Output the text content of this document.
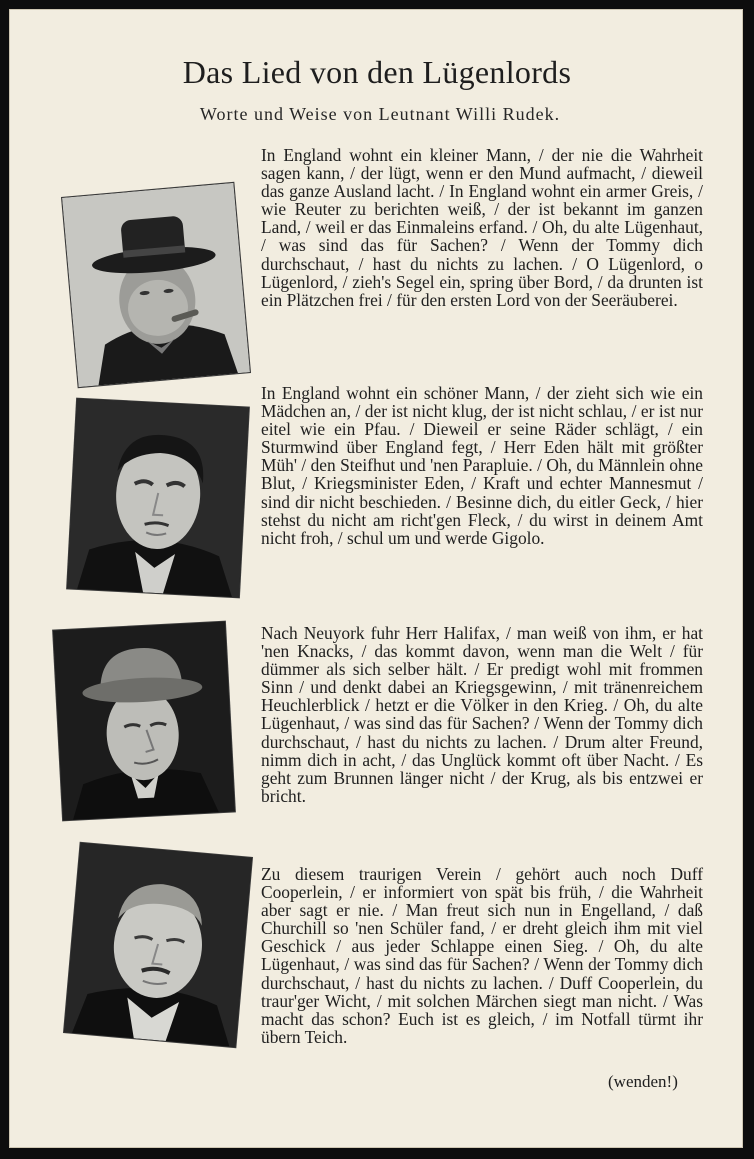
Das Lied von den Lügenlords
Worte und Weise von Leutnant Willi Rudek.

In England wohnt ein kleiner Mann, / der nie die Wahrheit sagen kann, / der lügt, wenn er den Mund aufmacht, / dieweil das ganze Ausland lacht. / In England wohnt ein armer Greis, / wie Reuter zu berichten weiß, / der ist bekannt im ganzen Land, / weil er das Einmaleins erfand. / Oh, du alte Lügenhaut, / was sind das für Sachen? / Wenn der Tommy dich durchschaut, / hast du nichts zu lachen. / O Lügenlord, o Lügenlord, / zieh's Segel ein, spring über Bord, / da drunten ist ein Plätzchen frei / für den ersten Lord von der Seeräuberei.

In England wohnt ein schöner Mann, / der zieht sich wie ein Mädchen an, / der ist nicht klug, der ist nicht schlau, / er ist nur eitel wie ein Pfau. / Dieweil er seine Räder schlägt, / ein Sturmwind über England fegt, / Herr Eden hält mit größter Müh' / den Steifhut und 'nen Parapluie. / Oh, du Männlein ohne Blut, / Kriegsminister Eden, / Kraft und echter Mannesmut / sind dir nicht beschieden. / Besinne dich, du eitler Geck, / hier stehst du nicht am richt'gen Fleck, / du wirst in deinem Amt nicht froh, / schul um und werde Gigolo.

Nach Neuyork fuhr Herr Halifax, / man weiß von ihm, er hat 'nen Knacks, / das kommt davon, wenn man die Welt / für dümmer als sich selber hält. / Er predigt wohl mit frommen Sinn / und denkt dabei an Kriegsgewinn, / mit tränenreichem Heuchlerblick / hetzt er die Völker in den Krieg. / Oh, du alte Lügenhaut, / was sind das für Sachen? / Wenn der Tommy dich durchschaut, / hast du nichts zu lachen. / Drum alter Freund, nimm dich in acht, / das Unglück kommt oft über Nacht. / Es geht zum Brunnen länger nicht / der Krug, als bis entzwei er bricht.

Zu diesem traurigen Verein / gehört auch noch Duff Cooperlein, / er informiert von spät bis früh, / die Wahrheit aber sagt er nie. / Man freut sich nun in Engelland, / daß Churchill so 'nen Schüler fand, / er dreht gleich ihm mit viel Geschick / aus jeder Schlappe einen Sieg. / Oh, du alte Lügenhaut, / was sind das für Sachen? / Wenn der Tommy dich durchschaut, / hast du nichts zu lachen. / Duff Cooperlein, du traur'ger Wicht, / mit solchen Märchen siegt man nicht. / Was macht das schon? Euch ist es gleich, / im Notfall türmt ihr übern Teich.

(wenden!)
